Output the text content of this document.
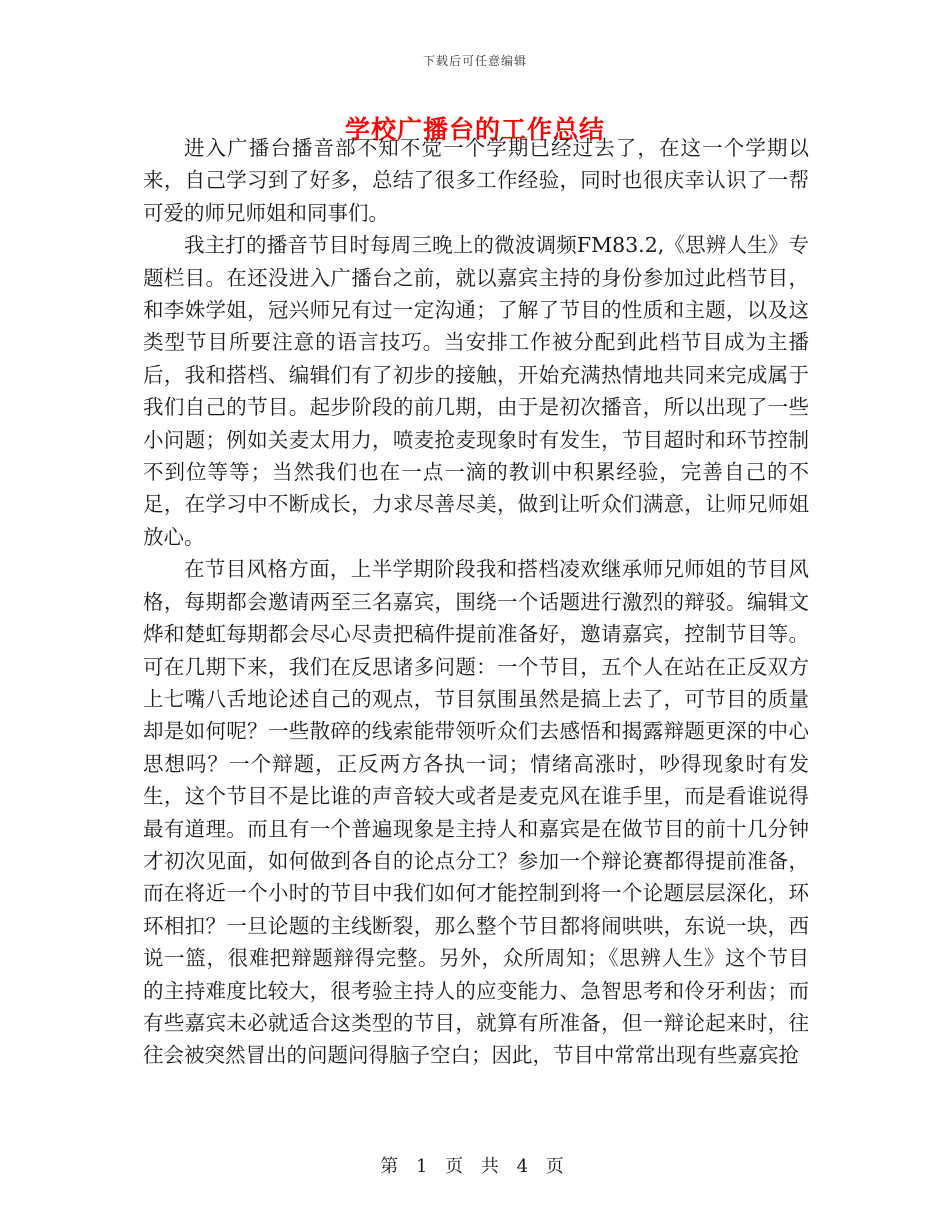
下载后可任意编辑
学校广播台的工作总结

进入广播台播音部不知不觉一个学期已经过去了，在这一个学期以来，自己学习到了好多，总结了很多工作经验，同时也很庆幸认识了一帮可爱的师兄师姐和同事们。

我主打的播音节目时每周三晚上的微波调频FM83.2,《思辨人生》专题栏目。在还没进入广播台之前，就以嘉宾主持的身份参加过此档节目，和李姝学姐，冠兴师兄有过一定沟通；了解了节目的性质和主题，以及这类型节目所要注意的语言技巧。当安排工作被分配到此档节目成为主播后，我和搭档、编辑们有了初步的接触，开始充满热情地共同来完成属于我们自己的节目。起步阶段的前几期，由于是初次播音，所以出现了一些小问题；例如关麦太用力，喷麦抢麦现象时有发生，节目超时和环节控制不到位等等；当然我们也在一点一滴的教训中积累经验，完善自己的不足，在学习中不断成长，力求尽善尽美，做到让听众们满意，让师兄师姐放心。

在节目风格方面，上半学期阶段我和搭档凌欢继承师兄师姐的节目风格，每期都会邀请两至三名嘉宾，围绕一个话题进行激烈的辩驳。编辑文烨和楚虹每期都会尽心尽责把稿件提前准备好，邀请嘉宾，控制节目等。可在几期下来，我们在反思诸多问题：一个节目，五个人在站在正反双方上七嘴八舌地论述自己的观点，节目氛围虽然是搞上去了，可节目的质量却是如何呢？一些散碎的线索能带领听众们去感悟和揭露辩题更深的中心思想吗？一个辩题，正反两方各执一词；情绪高涨时，吵得现象时有发生，这个节目不是比谁的声音较大或者是麦克风在谁手里，而是看谁说得最有道理。而且有一个普遍现象是主持人和嘉宾是在做节目的前十几分钟才初次见面，如何做到各自的论点分工？参加一个辩论赛都得提前准备，而在将近一个小时的节目中我们如何才能控制到将一个论题层层深化，环环相扣？一旦论题的主线断裂，那么整个节目都将闹哄哄，东说一块，西说一篮，很难把辩题辩得完整。另外，众所周知；《思辨人生》这个节目的主持难度比较大，很考验主持人的应变能力、急智思考和伶牙利齿；而有些嘉宾未必就适合这类型的节目，就算有所准备，但一辩论起来时，往往会被突然冒出的问题问得脑子空白；因此，节目中常常出现有些嘉宾抢

第 1 页 共 4 页
